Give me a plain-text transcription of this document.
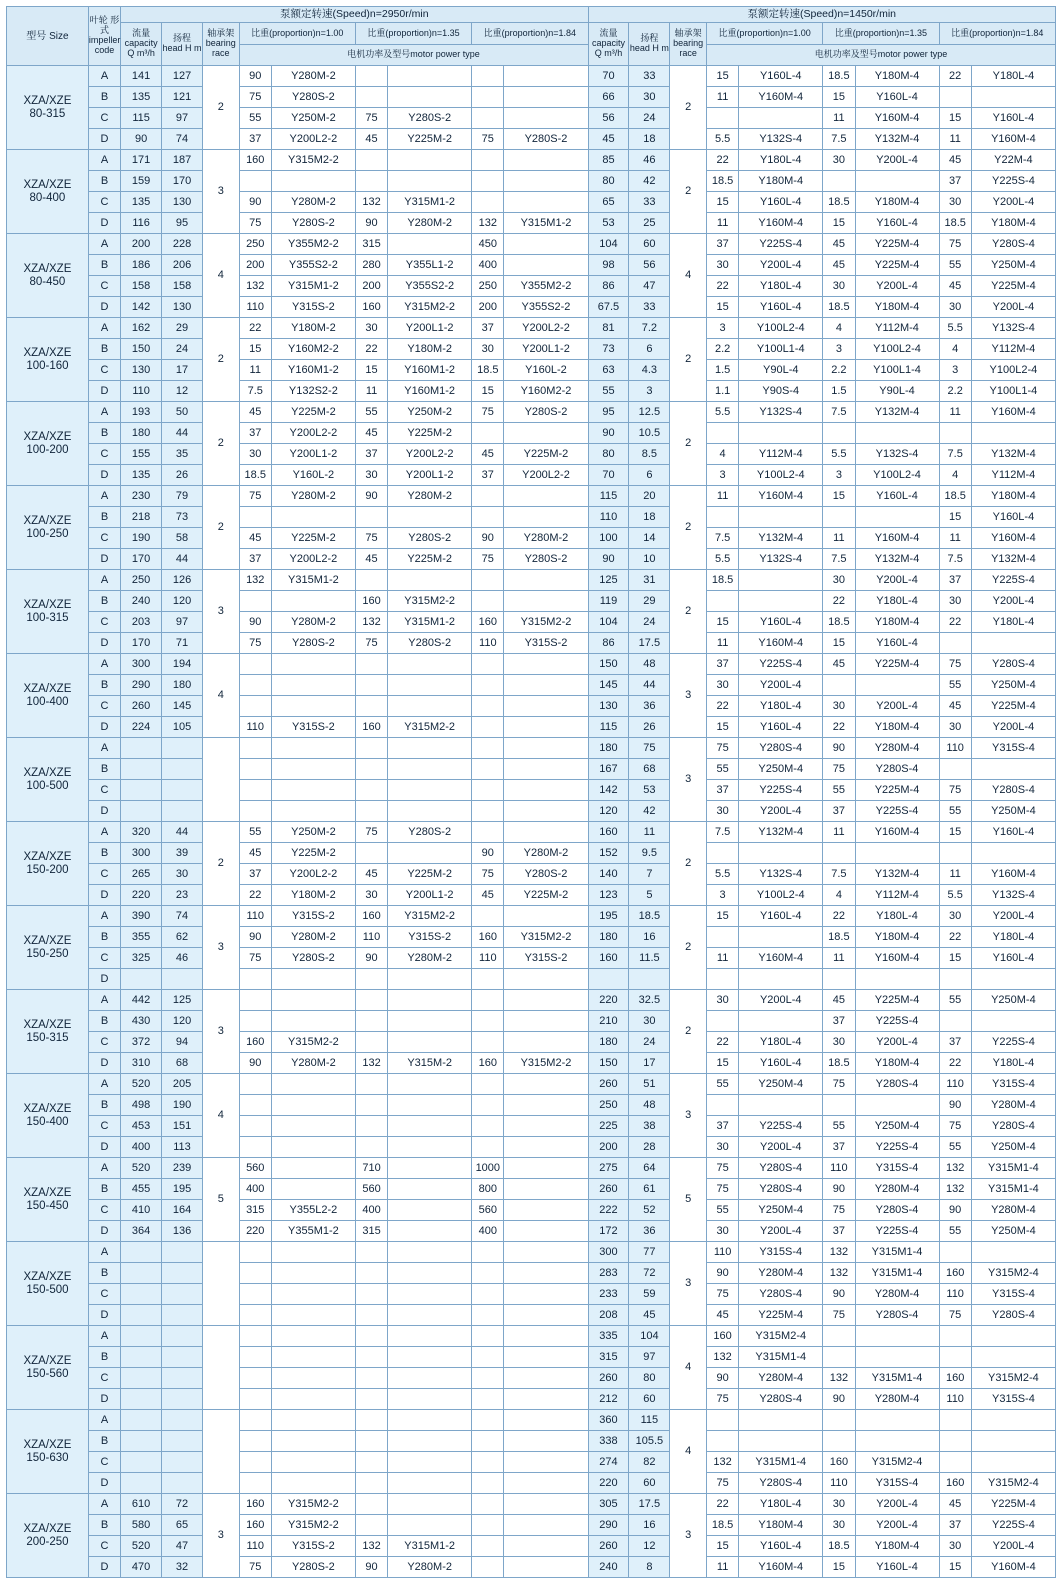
型号 Size	叶轮 形式 impeller code	泵额定转速(Speed)n=2950r/min									泵额定转速(Speed)n=1450r/min								
		流量 capacity Q m³/h	扬程 head H m	轴承架 bearing race	比重(proportion)n=1.00		比重(proportion)n=1.35		比重(proportion)n=1.84		流量 capacity Q m³/h	扬程 head H m	轴承架 bearing race	比重(proportion)n=1.00		比重(proportion)n=1.35		比重(proportion)n=1.84	
					电机功率及型号motor power type									电机功率及型号motor power type					

XZA/XZE
80-315	A	141	127	2	90	Y280M-2					70	33	2	15	Y160L-4	18.5	Y180M-4	22	Y180L-4
	B	135	121		75	Y280S-2					66	30		11	Y160M-4	15	Y160L-4		
	C	115	97		55	Y250M-2	75	Y280S-2			56	24				11	Y160M-4	15	Y160L-4
	D	90	74		37	Y200L2-2	45	Y225M-2	75	Y280S-2	45	18		5.5	Y132S-4	7.5	Y132M-4	11	Y160M-4

XZA/XZE
80-400	A	171	187	3	160	Y315M2-2					85	46	2	22	Y180L-4	30	Y200L-4	45	Y22M-4
	B	159	170								80	42		18.5	Y180M-4			37	Y225S-4
	C	135	130		90	Y280M-2	132	Y315M1-2			65	33		15	Y160L-4	18.5	Y180M-4	30	Y200L-4
	D	116	95		75	Y280S-2	90	Y280M-2	132	Y315M1-2	53	25		11	Y160M-4	15	Y160L-4	18.5	Y180M-4

XZA/XZE
80-450	A	200	228	4	250	Y355M2-2	315		450		104	60	4	37	Y225S-4	45	Y225M-4	75	Y280S-4
	B	186	206		200	Y355S2-2	280	Y355L1-2	400		98	56		30	Y200L-4	45	Y225M-4	55	Y250M-4
	C	158	158		132	Y315M1-2	200	Y355S2-2	250	Y355M2-2	86	47		22	Y180L-4	30	Y200L-4	45	Y225M-4
	D	142	130		110	Y315S-2	160	Y315M2-2	200	Y355S2-2	67.5	33		15	Y160L-4	18.5	Y180M-4	30	Y200L-4

XZA/XZE
100-160	A	162	29	2	22	Y180M-2	30	Y200L1-2	37	Y200L2-2	81	7.2	2	3	Y100L2-4	4	Y112M-4	5.5	Y132S-4
	B	150	24		15	Y160M2-2	22	Y180M-2	30	Y200L1-2	73	6		2.2	Y100L1-4	3	Y100L2-4	4	Y112M-4
	C	130	17		11	Y160M1-2	15	Y160M1-2	18.5	Y160L-2	63	4.3		1.5	Y90L-4	2.2	Y100L1-4	3	Y100L2-4
	D	110	12		7.5	Y132S2-2	11	Y160M1-2	15	Y160M2-2	55	3		1.1	Y90S-4	1.5	Y90L-4	2.2	Y100L1-4

XZA/XZE
100-200	A	193	50	2	45	Y225M-2	55	Y250M-2	75	Y280S-2	95	12.5	2	5.5	Y132S-4	7.5	Y132M-4	11	Y160M-4
	B	180	44		37	Y200L2-2	45	Y225M-2			90	10.5							
	C	155	35		30	Y200L1-2	37	Y200L2-2	45	Y225M-2	80	8.5		4	Y112M-4	5.5	Y132S-4	7.5	Y132M-4
	D	135	26		18.5	Y160L-2	30	Y200L1-2	37	Y200L2-2	70	6		3	Y100L2-4	3	Y100L2-4	4	Y112M-4

XZA/XZE
100-250	A	230	79	2	75	Y280M-2	90	Y280M-2			115	20	2	11	Y160M-4	15	Y160L-4	18.5	Y180M-4
	B	218	73								110	18						15	Y160L-4
	C	190	58		45	Y225M-2	75	Y280S-2	90	Y280M-2	100	14		7.5	Y132M-4	11	Y160M-4	11	Y160M-4
	D	170	44		37	Y200L2-2	45	Y225M-2	75	Y280S-2	90	10		5.5	Y132S-4	7.5	Y132M-4	7.5	Y132M-4

XZA/XZE
100-315	A	250	126	3	132	Y315M1-2					125	31	2	18.5		30	Y200L-4	37	Y225S-4
	B	240	120				160	Y315M2-2			119	29				22	Y180L-4	30	Y200L-4
	C	203	97		90	Y280M-2	132	Y315M1-2	160	Y315M2-2	104	24		15	Y160L-4	18.5	Y180M-4	22	Y180L-4
	D	170	71		75	Y280S-2	75	Y280S-2	110	Y315S-2	86	17.5		11	Y160M-4	15	Y160L-4		

XZA/XZE
100-400	A	300	194	4							150	48	3	37	Y225S-4	45	Y225M-4	75	Y280S-4
	B	290	180								145	44		30	Y200L-4			55	Y250M-4
	C	260	145								130	36		22	Y180L-4	30	Y200L-4	45	Y225M-4
	D	224	105		110	Y315S-2	160	Y315M2-2			115	26		15	Y160L-4	22	Y180M-4	30	Y200L-4

XZA/XZE
100-500	A										180	75	3	75	Y280S-4	90	Y280M-4	110	Y315S-4
	B										167	68		55	Y250M-4	75	Y280S-4		
	C										142	53		37	Y225S-4	55	Y225M-4	75	Y280S-4
	D										120	42		30	Y200L-4	37	Y225S-4	55	Y250M-4

XZA/XZE
150-200	A	320	44	2	55	Y250M-2	75	Y280S-2			160	11	2	7.5	Y132M-4	11	Y160M-4	15	Y160L-4
	B	300	39		45	Y225M-2			90	Y280M-2	152	9.5							
	C	265	30		37	Y200L2-2	45	Y225M-2	75	Y280S-2	140	7		5.5	Y132S-4	7.5	Y132M-4	11	Y160M-4
	D	220	23		22	Y180M-2	30	Y200L1-2	45	Y225M-2	123	5		3	Y100L2-4	4	Y112M-4	5.5	Y132S-4

XZA/XZE
150-250	A	390	74	3	110	Y315S-2	160	Y315M2-2			195	18.5	2	15	Y160L-4	22	Y180L-4	30	Y200L-4
	B	355	62		90	Y280M-2	110	Y315S-2	160	Y315M2-2	180	16				18.5	Y180M-4	22	Y180L-4
	C	325	46		75	Y280S-2	90	Y280M-2	110	Y315S-2	160	11.5		11	Y160M-4	11	Y160M-4	15	Y160L-4
	D																		

XZA/XZE
150-315	A	442	125	3							220	32.5	2	30	Y200L-4	45	Y225M-4	55	Y250M-4
	B	430	120								210	30				37	Y225S-4		
	C	372	94		160	Y315M2-2					180	24		22	Y180L-4	30	Y200L-4	37	Y225S-4
	D	310	68		90	Y280M-2	132	Y315M-2	160	Y315M2-2	150	17		15	Y160L-4	18.5	Y180M-4	22	Y180L-4

XZA/XZE
150-400	A	520	205	4							260	51	3	55	Y250M-4	75	Y280S-4	110	Y315S-4
	B	498	190								250	48						90	Y280M-4
	C	453	151								225	38		37	Y225S-4	55	Y250M-4	75	Y280S-4
	D	400	113								200	28		30	Y200L-4	37	Y225S-4	55	Y250M-4

XZA/XZE
150-450	A	520	239	5	560		710		1000		275	64	5	75	Y280S-4	110	Y315S-4	132	Y315M1-4
	B	455	195		400		560		800		260	61		75	Y280S-4	90	Y280M-4	132	Y315M1-4
	C	410	164		315	Y355L2-2	400		560		222	52		55	Y250M-4	75	Y280S-4	90	Y280M-4
	D	364	136		220	Y355M1-2	315		400		172	36		30	Y200L-4	37	Y225S-4	55	Y250M-4

XZA/XZE
150-500	A										300	77	3	110	Y315S-4	132	Y315M1-4		
	B										283	72		90	Y280M-4	132	Y315M1-4	160	Y315M2-4
	C										233	59		75	Y280S-4	90	Y280M-4	110	Y315S-4
	D										208	45		45	Y225M-4	75	Y280S-4	75	Y280S-4

XZA/XZE
150-560	A										335	104	4	160	Y315M2-4				
	B										315	97		132	Y315M1-4				
	C										260	80		90	Y280M-4	132	Y315M1-4	160	Y315M2-4
	D										212	60		75	Y280S-4	90	Y280M-4	110	Y315S-4

XZA/XZE
150-630	A										360	115	4						
	B										338	105.5							
	C										274	82		132	Y315M1-4	160	Y315M2-4		
	D										220	60		75	Y280S-4	110	Y315S-4	160	Y315M2-4

XZA/XZE
200-250	A	610	72	3	160	Y315M2-2					305	17.5	3	22	Y180L-4	30	Y200L-4	45	Y225M-4
	B	580	65		160	Y315M2-2					290	16		18.5	Y180M-4	30	Y200L-4	37	Y225S-4
	C	520	47		110	Y315S-2	132	Y315M1-2			260	12		15	Y160L-4	18.5	Y180M-4	30	Y200L-4
	D	470	32		75	Y280S-2	90	Y280M-2			240	8		11	Y160M-4	15	Y160L-4	15	Y160M-4
